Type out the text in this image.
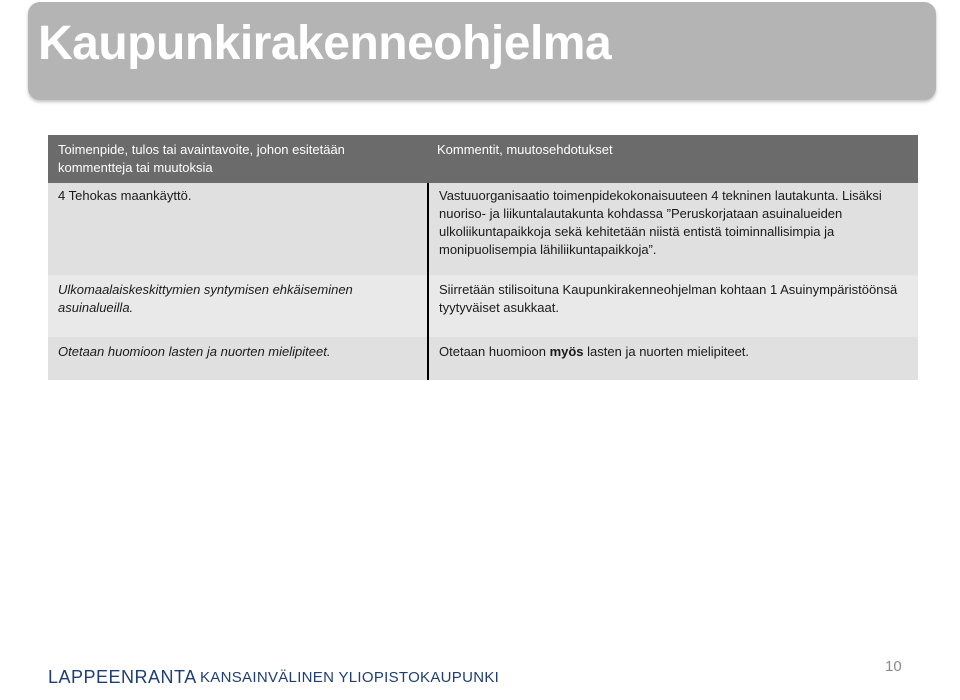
Kaupunkirakenneohjelma
Toimenpide, tulos tai avaintavoite, johon esitetään kommentteja tai muutoksia
Kommentit, muutosehdotukset
4 Tehokas maankäyttö.	Vastuuorganisaatio toimenpidekokonaisuuteen 4 tekninen lautakunta. Lisäksi nuoriso- ja liikuntalautakunta kohdassa ”Peruskorjataan asuinalueiden ulkoliikuntapaikkoja sekä kehitetään niistä entistä toiminnallisimpia ja monipuolisempia lähiliikuntapaikkoja”.
Ulkomaalaiskeskittymien syntymisen ehkäiseminen asuinalueilla.
Siirretään stilisoituna Kaupunkirakenneohjelman kohtaan 1 Asuinympäristöönsä tyytyväiset asukkaat.
Otetaan huomioon lasten ja nuorten mielipiteet.	Otetaan huomioon myös lasten ja nuorten mielipiteet.
LAPPEENRANTA KANSAINVÄLINEN YLIOPISTOKAUPUNKI
10
